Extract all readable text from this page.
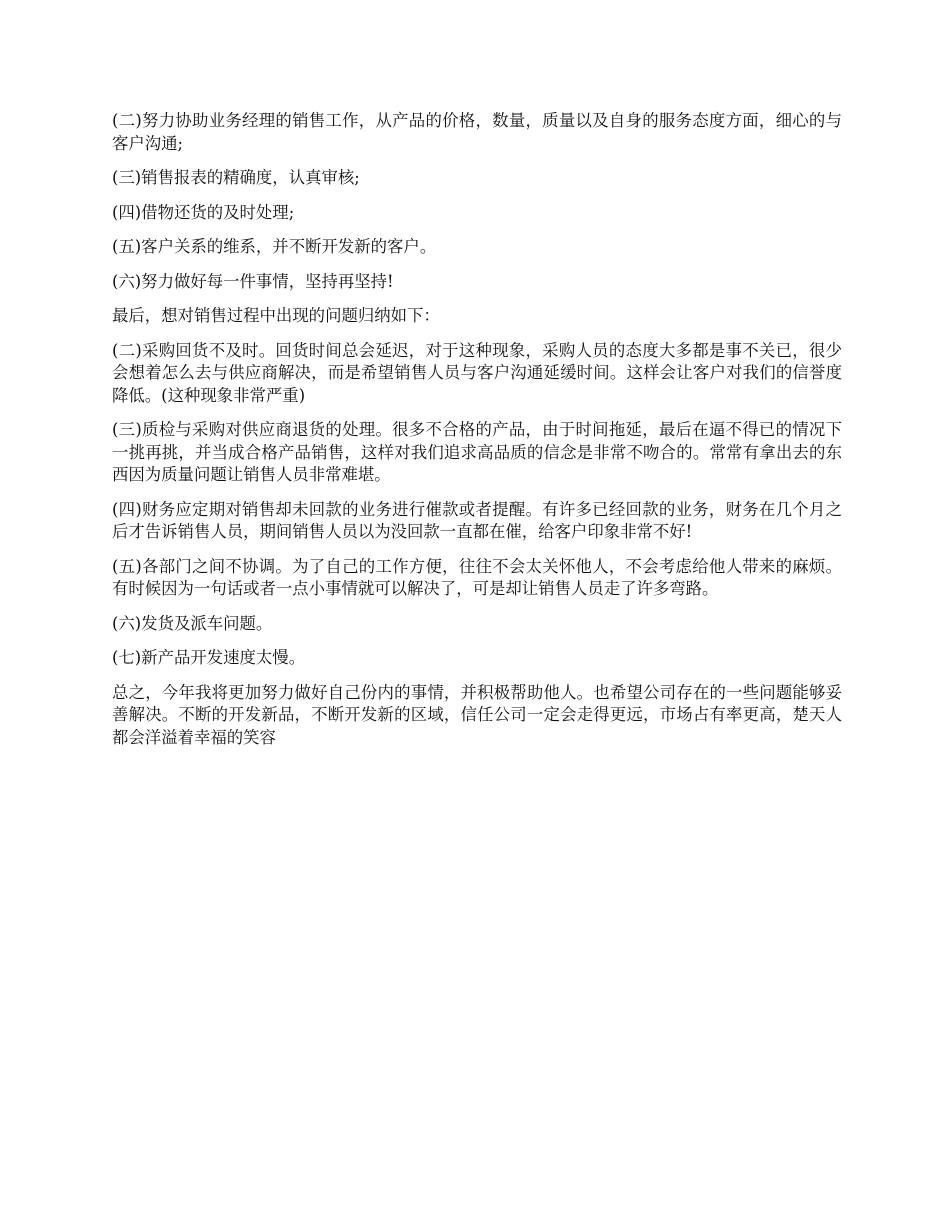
(二)努力协助业务经理的销售工作，从产品的价格，数量，质量以及自身的服务态度方面，细心的与客户沟通;

(三)销售报表的精确度，认真审核;

(四)借物还货的及时处理;

(五)客户关系的维系，并不断开发新的客户。

(六)努力做好每一件事情，坚持再坚持!

最后，想对销售过程中出现的问题归纳如下：

(二)采购回货不及时。回货时间总会延迟，对于这种现象，采购人员的态度大多都是事不关已，很少会想着怎么去与供应商解决，而是希望销售人员与客户沟通延缓时间。这样会让客户对我们的信誉度降低。(这种现象非常严重)

(三)质检与采购对供应商退货的处理。很多不合格的产品，由于时间拖延，最后在逼不得已的情况下一挑再挑，并当成合格产品销售，这样对我们追求高品质的信念是非常不吻合的。常常有拿出去的东西因为质量问题让销售人员非常难堪。

(四)财务应定期对销售却未回款的业务进行催款或者提醒。有许多已经回款的业务，财务在几个月之后才告诉销售人员，期间销售人员以为没回款一直都在催，给客户印象非常不好!

(五)各部门之间不协调。为了自己的工作方便，往往不会太关怀他人，不会考虑给他人带来的麻烦。有时候因为一句话或者一点小事情就可以解决了，可是却让销售人员走了许多弯路。

(六)发货及派车问题。

(七)新产品开发速度太慢。

总之，今年我将更加努力做好自己份内的事情，并积极帮助他人。也希望公司存在的一些问题能够妥善解决。不断的开发新品，不断开发新的区域，信任公司一定会走得更远，市场占有率更高，楚天人都会洋溢着幸福的笑容
